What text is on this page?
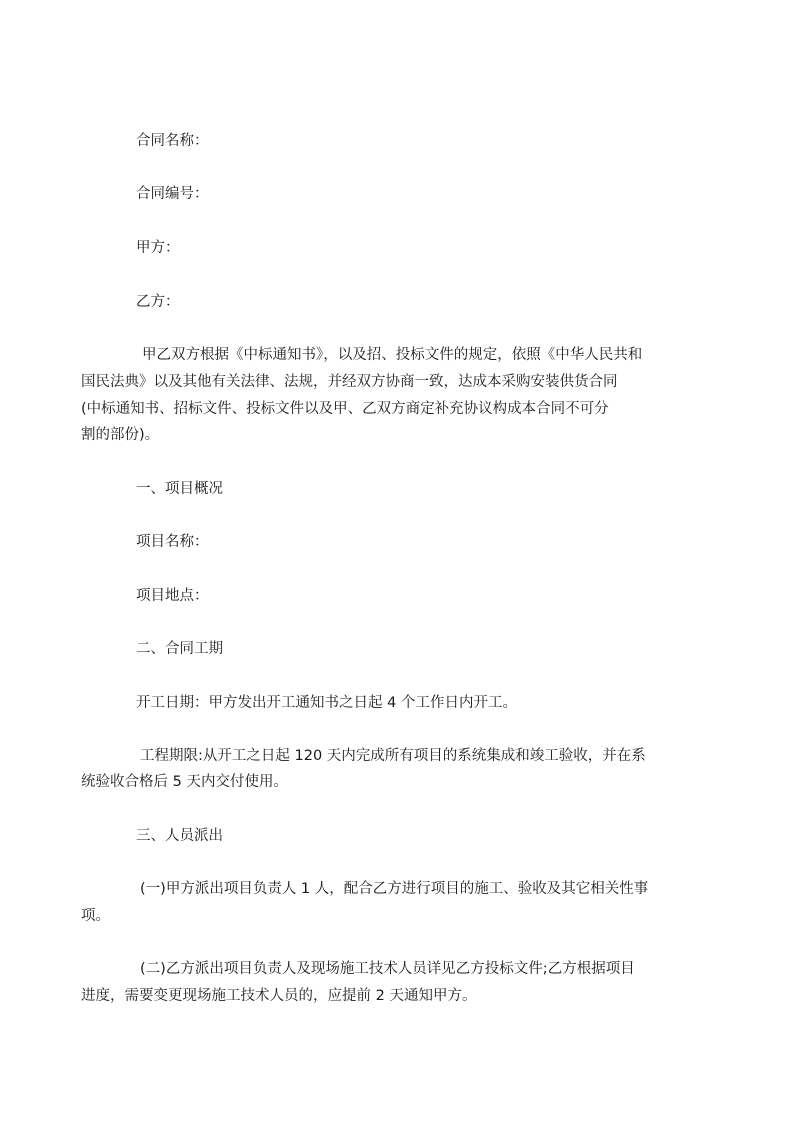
合同名称：
合同编号：
甲方：
乙方：
甲乙双方根据《中标通知书》，以及招、投标文件的规定，依照《中华人民共和
国民法典》以及其他有关法律、法规，并经双方协商一致，达成本采购安装供货合同
(中标通知书、招标文件、投标文件以及甲、乙双方商定补充协议构成本合同不可分
割的部份)。
一、项目概况
项目名称：
项目地点：
二、合同工期
开工日期：甲方发出开工通知书之日起 4 个工作日内开工。
工程期限:从开工之日起 120 天内完成所有项目的系统集成和竣工验收，并在系
统验收合格后 5 天内交付使用。
三、人员派出
(一)甲方派出项目负责人 1 人，配合乙方进行项目的施工、验收及其它相关性事
项。
(二)乙方派出项目负责人及现场施工技术人员详见乙方投标文件;乙方根据项目
进度，需要变更现场施工技术人员的，应提前 2 天通知甲方。
